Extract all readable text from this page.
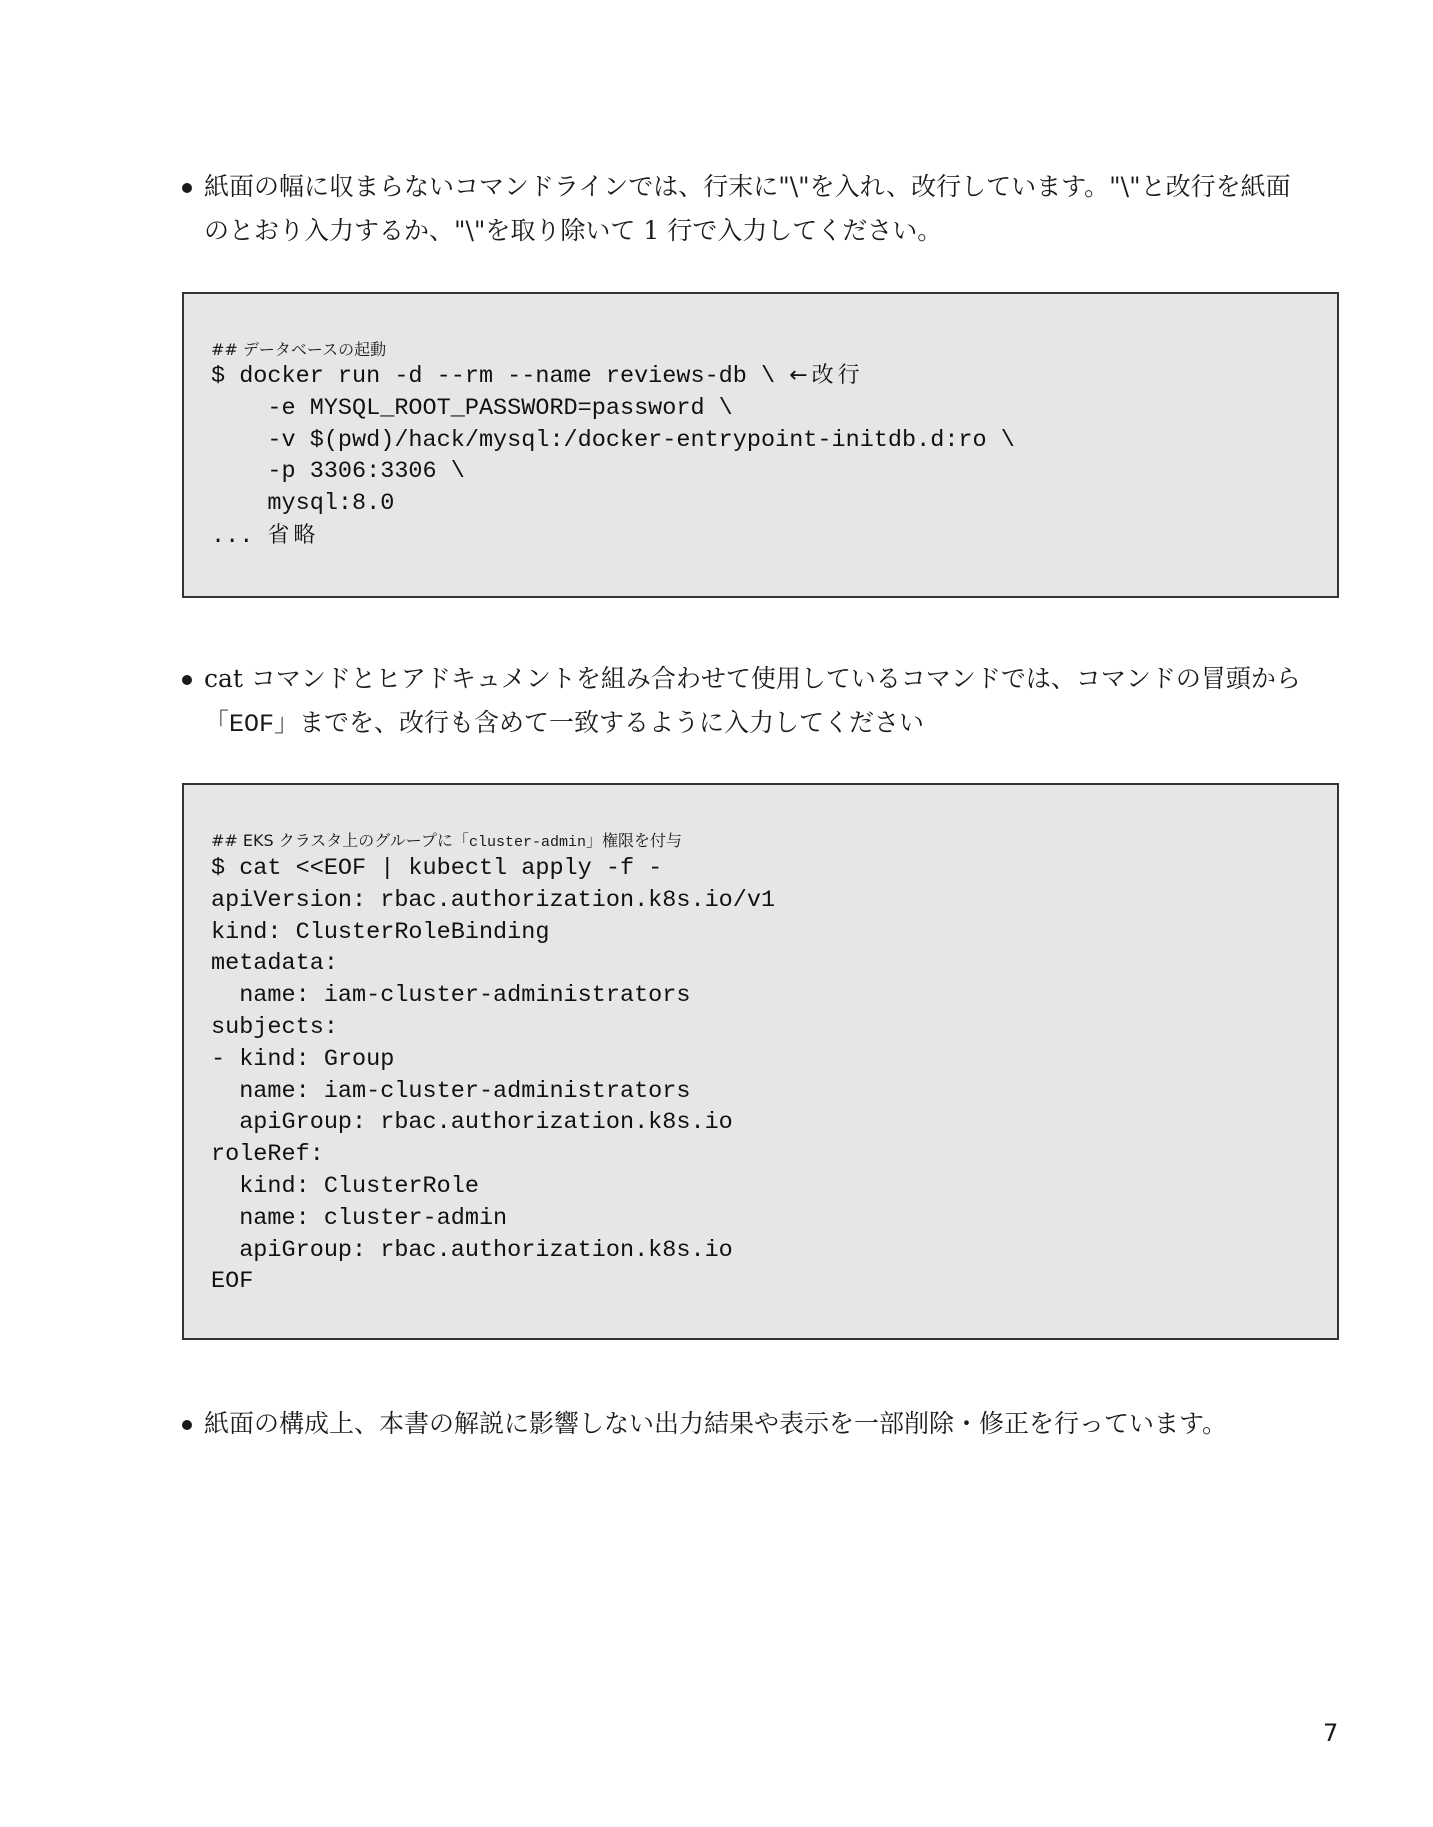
紙面の幅に収まらないコマンドラインでは、行末に"\"を入れ、改行しています。"\"と改行を紙面
のとおり入力するか、"\"を取り除いて 1 行で入力してください。
## データベースの起動
$ docker run -d --rm --name reviews-db \ ←改行
-e MYSQL_ROOT_PASSWORD=password \
-v $(pwd)/hack/mysql:/docker-entrypoint-initdb.d:ro \
-p 3306:3306 \
mysql:8.0
... 省略
cat コマンドとヒアドキュメントを組み合わせて使用しているコマンドでは、コマンドの冒頭から
「EOF」までを、改行も含めて一致するように入力してください
## EKS クラスタ上のグループに「cluster-admin」権限を付与
$ cat <<EOF | kubectl apply -f -
apiVersion: rbac.authorization.k8s.io/v1
kind: ClusterRoleBinding
metadata:
name: iam-cluster-administrators
subjects:
- kind: Group
name: iam-cluster-administrators
apiGroup: rbac.authorization.k8s.io
roleRef:
kind: ClusterRole
name: cluster-admin
apiGroup: rbac.authorization.k8s.io
EOF
紙面の構成上、本書の解説に影響しない出力結果や表示を一部削除・修正を行っています。
7
